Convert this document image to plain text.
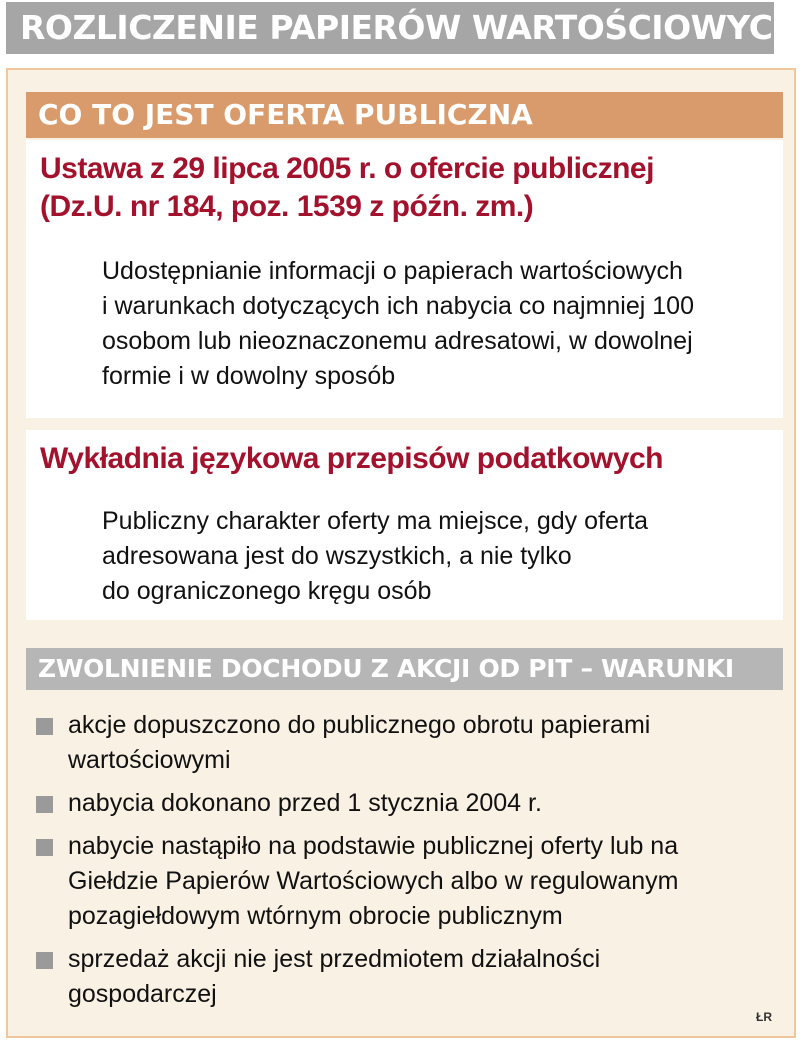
ROZLICZENIE PAPIERÓW WARTOŚCIOWYCH
CO TO JEST OFERTA PUBLICZNA
Ustawa z 29 lipca 2005 r. o ofercie publicznej
(Dz.U. nr 184, poz. 1539 z późn. zm.)
Udostępnianie informacji o papierach wartościowych
i warunkach dotyczących ich nabycia co najmniej 100
osobom lub nieoznaczonemu adresatowi, w dowolnej
formie i w dowolny sposób
Wykładnia językowa przepisów podatkowych
Publiczny charakter oferty ma miejsce, gdy oferta
adresowana jest do wszystkich, a nie tylko
do ograniczonego kręgu osób
ZWOLNIENIE DOCHODU Z AKCJI OD PIT – WARUNKI
akcje dopuszczono do publicznego obrotu papierami
wartościowymi
nabycia dokonano przed 1 stycznia 2004 r.
nabycie nastąpiło na podstawie publicznej oferty lub na
Giełdzie Papierów Wartościowych albo w regulowanym
pozagiełdowym wtórnym obrocie publicznym
sprzedaż akcji nie jest przedmiotem działalności
gospodarczej
ŁR
